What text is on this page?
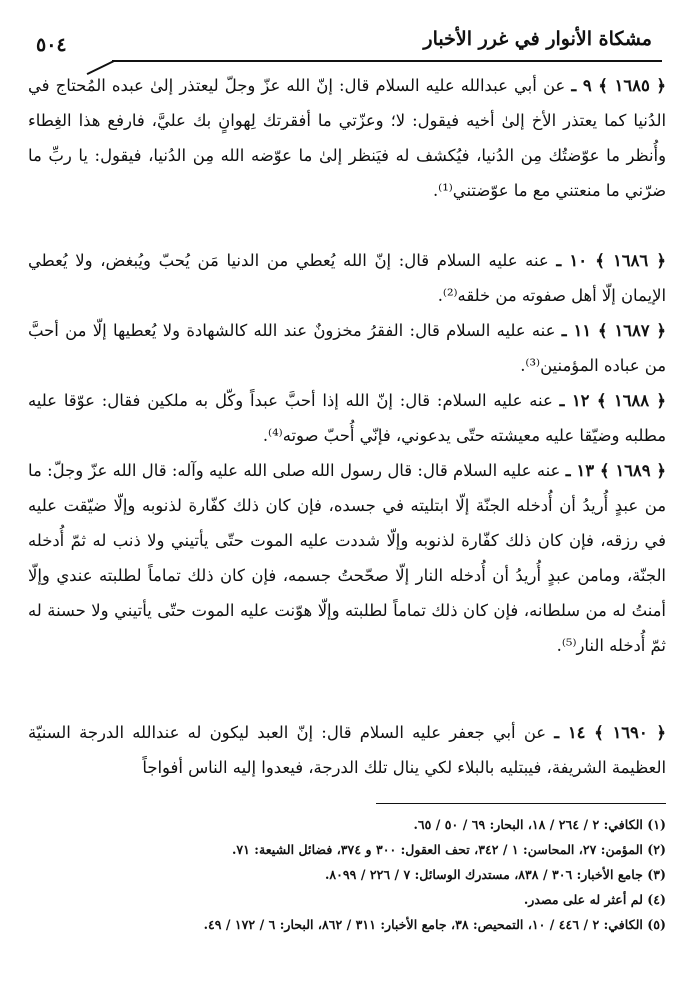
مشكاة الأنوار في غرر الأخبار
٥٠٤

﴿ ١٦٨٥ ﴾ ٩ ـ عن أبي عبدالله عليه السلام قال: إنّ الله عزّ وجلّ ليعتذر إلىٰ عبده المُحتاج في الدُنيا كما يعتذر الأخ إلىٰ أخيه فيقول: لا؛ وعزّتي ما أفقرتك لِهوانٍ بك عليَّ، فارفع هذا الغِطاء وأُنظر ما عوّضتُك مِن الدُنيا، فيُكشف له فيَنظر إلىٰ ما عوّضه الله مِن الدُنيا، فيقول: يا ربِّ ما ضرّني ما منعتني مع ما عوّضتني⁽¹⁾.

﴿ ١٦٨٦ ﴾ ١٠ ـ عنه عليه السلام قال: إنّ الله يُعطي من الدنيا مَن يُحبّ ويُبغض، ولا يُعطي الإيمان إلّا أهل صفوته من خلقه⁽²⁾.

﴿ ١٦٨٧ ﴾ ١١ ـ عنه عليه السلام قال: الفقرُ مخزونٌ عند الله كالشهادة ولا يُعطيها إلّا من أحبَّ من عباده المؤمنين⁽³⁾.

﴿ ١٦٨٨ ﴾ ١٢ ـ عنه عليه السلام: قال: إنّ الله إذا أحبَّ عبداً وكّل به ملكين فقال: عوّقا عليه مطلبه وضيّقا عليه معيشته حتّى يدعوني، فإنّي أُحبّ صوته⁽⁴⁾.

﴿ ١٦٨٩ ﴾ ١٣ ـ عنه عليه السلام قال: قال رسول الله صلى الله عليه وآله: قال الله عزّ وجلّ: ما من عبدٍ أُريدُ أن أُدخله الجنّة إلّا ابتليته في جسده، فإن كان ذلك كفّارة لذنوبه وإلّا ضيّقت عليه في رزقه، فإن كان ذلك كفّارة لذنوبه وإلّا شددت عليه الموت حتّى يأتيني ولا ذنب له ثمّ أُدخله الجنّة، ومامن عبدٍ أُريدُ أن أُدخله النار إلّا صحّحتُ جسمه، فإن كان ذلك تماماً لطلبته عندي وإلّا أمنتُ له من سلطانه، فإن كان ذلك تماماً لطلبته وإلّا هوّنت عليه الموت حتّى يأتيني ولا حسنة له ثمّ أُدخله النار⁽⁵⁾.

﴿ ١٦٩٠ ﴾ ١٤ ـ عن أبي جعفر عليه السلام قال: إنّ العبد ليكون له عندالله الدرجة السنيّة العظيمة الشريفة، فيبتليه بالبلاء لكي ينال تلك الدرجة، فيعدوا إليه الناس أفواجاً

(١) الكافي: ٢ / ٢٦٤ / ١٨، البحار: ٦٩ / ٥٠ / ٦٥.

(٢) المؤمن: ٢٧، المحاسن: ١ / ٣٤٢، تحف العقول: ٣٠٠ و ٣٧٤، فضائل الشيعة: ٧١.

(٣) جامع الأخبار: ٣٠٦ / ٨٣٨، مستدرك الوسائل: ٧ / ٢٢٦ / ٨٠٩٩.

(٤) لم أعثر له على مصدر.

(٥) الكافي: ٢ / ٤٤٦ / ١٠، التمحيص: ٣٨، جامع الأخبار: ٣١١ / ٨٦٢، البحار: ٦ / ١٧٢ / ٤٩.
